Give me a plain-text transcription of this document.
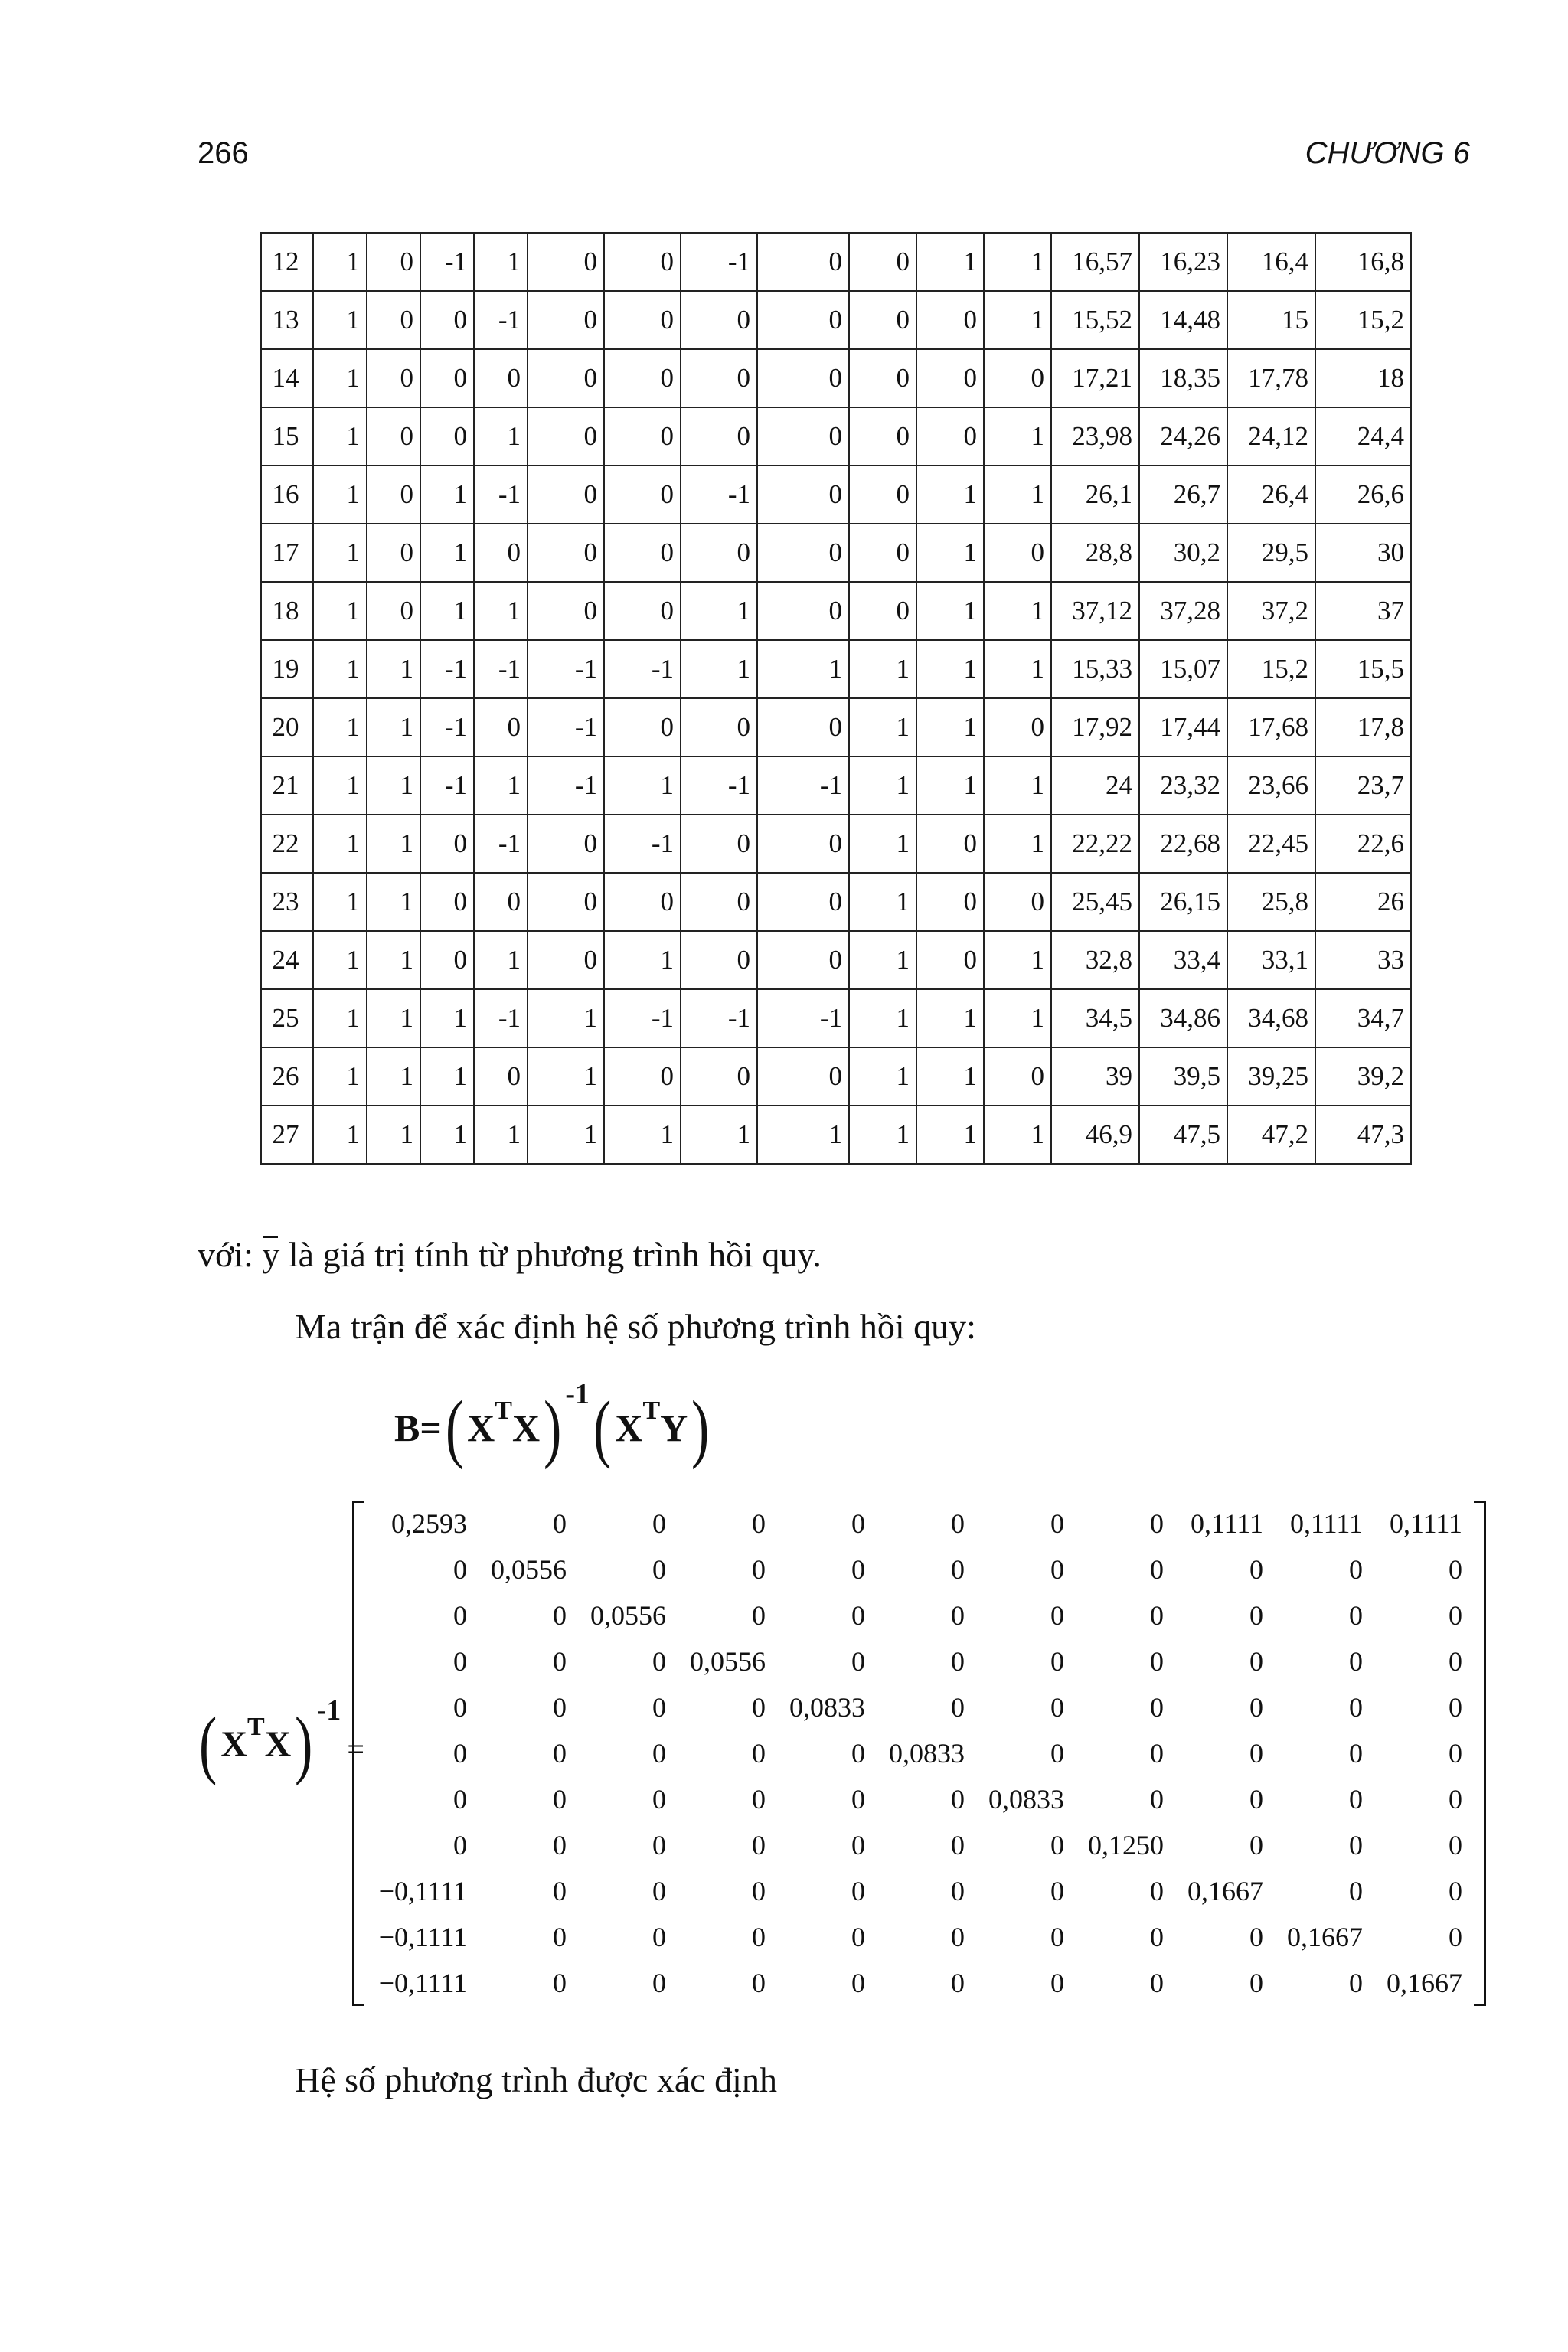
266	CHƯƠNG 6
12	1	0	-1	1	0	0	-1	0	0	1	1	16,57	16,23	16,4	16,8
13	1	0	0	-1	0	0	0	0	0	0	1	15,52	14,48	15	15,2
14	1	0	0	0	0	0	0	0	0	0	0	17,21	18,35	17,78	18
15	1	0	0	1	0	0	0	0	0	0	1	23,98	24,26	24,12	24,4
16	1	0	1	-1	0	0	-1	0	0	1	1	26,1	26,7	26,4	26,6
17	1	0	1	0	0	0	0	0	0	1	0	28,8	30,2	29,5	30
18	1	0	1	1	0	0	1	0	0	1	1	37,12	37,28	37,2	37
19	1	1	-1	-1	-1	-1	1	1	1	1	1	15,33	15,07	15,2	15,5
20	1	1	-1	0	-1	0	0	0	1	1	0	17,92	17,44	17,68	17,8
21	1	1	-1	1	-1	1	-1	-1	1	1	1	24	23,32	23,66	23,7
22	1	1	0	-1	0	-1	0	0	1	0	1	22,22	22,68	22,45	22,6
23	1	1	0	0	0	0	0	0	1	0	0	25,45	26,15	25,8	26
24	1	1	0	1	0	1	0	0	1	0	1	32,8	33,4	33,1	33
25	1	1	1	-1	1	-1	-1	-1	1	1	1	34,5	34,86	34,68	34,7
26	1	1	1	0	1	0	0	0	1	1	0	39	39,5	39,25	39,2
27	1	1	1	1	1	1	1	1	1	1	1	46,9	47,5	47,2	47,3
với: y là giá trị tính từ phương trình hồi quy.
Ma trận để xác định hệ số phương trình hồi quy:
B= ( X T X ) -1 ( X T Y )
( X T X ) -1
=
0,2593	0	0	0	0	0	0	0	0,1111	0,1111	0,1111
0	0,0556	0	0	0	0	0	0	0	0	0
0	0	0,0556	0	0	0	0	0	0	0	0
0	0	0	0,0556	0	0	0	0	0	0	0
0	0	0	0	0,0833	0	0	0	0	0	0
0	0	0	0	0	0,0833	0	0	0	0	0
0	0	0	0	0	0	0,0833	0	0	0	0
0	0	0	0	0	0	0	0,1250	0	0	0
−0,1111	0	0	0	0	0	0	0	0,1667	0	0
−0,1111	0	0	0	0	0	0	0	0	0,1667	0
−0,1111	0	0	0	0	0	0	0	0	0	0,1667
Hệ số phương trình được xác định
